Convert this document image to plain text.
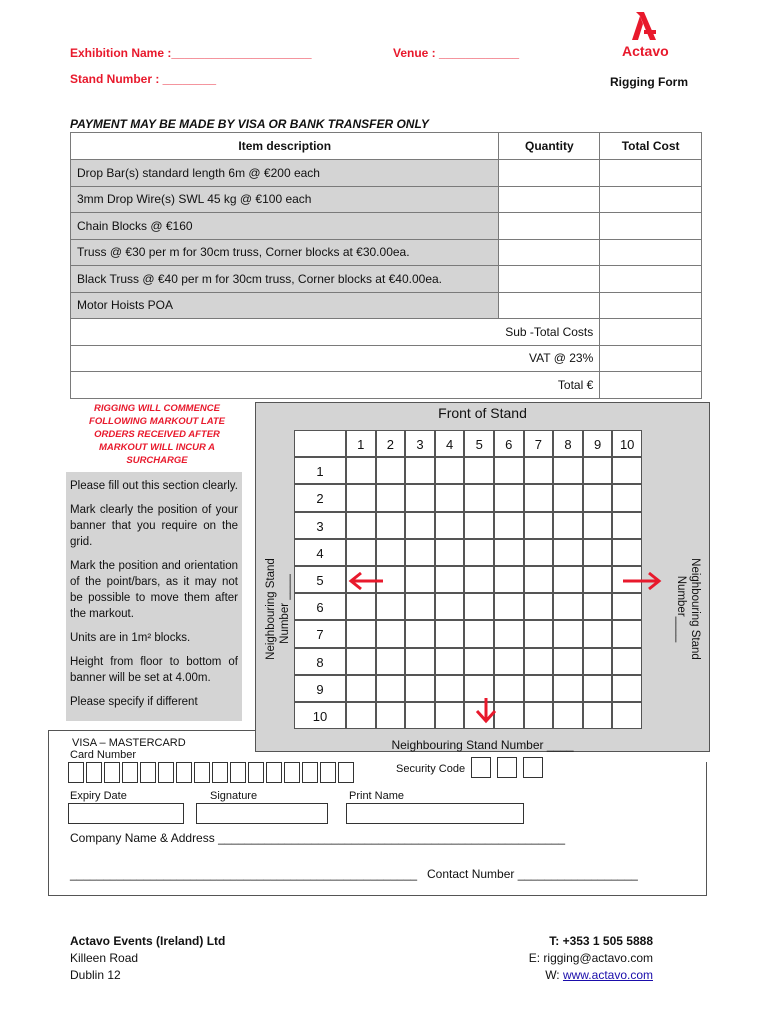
Exhibition Name :_____________________	Venue : ____________
Stand Number : ________
Actavo
Rigging Form
PAYMENT MAY BE MADE BY VISA OR BANK TRANSFER ONLY
Item description	Quantity	Total Cost
Drop Bar(s) standard length 6m @ €200 each		
3mm Drop Wire(s) SWL 45 kg @ €100 each		
Chain Blocks @ €160		
Truss @ €30 per m for 30cm truss, Corner blocks at €30.00ea.		
Black Truss @ €40 per m for 30cm truss, Corner blocks at €40.00ea.		
Motor Hoists POA		
Sub -Total Costs		
VAT @ 23%		
Total €		
RIGGING WILL COMMENCE FOLLOWING MARKOUT LATE ORDERS RECEIVED AFTER MARKOUT WILL INCUR A SURCHARGE

Please fill out this section clearly.

Mark clearly the position of your banner that you require on the grid.

Mark the position and orientation of the point/bars, as it may not be possible to move them after the markout.

Units are in 1m² blocks.

Height from floor to bottom of banner will be set at 4.00m.

Please specify if different

Front of Stand
Neighbouring Stand Number ____
Neighbouring Stand Number ____	Neighbouring Stand Number____
1	2	3	4	5	6	7	8	9	10
1
2
3
4
5
6
7
8
9
10
VISA – MASTERCARD
Card Number
Security Code
Expiry Date	Signature	Print Name
Company Name & Address ____________________________________________________
____________________________________________________ Contact Number __________________
Actavo Events (Ireland) Ltd
Killeen Road
Dublin 12
T: +353 1 505 5888
E: rigging@actavo.com
W: www.actavo.com
